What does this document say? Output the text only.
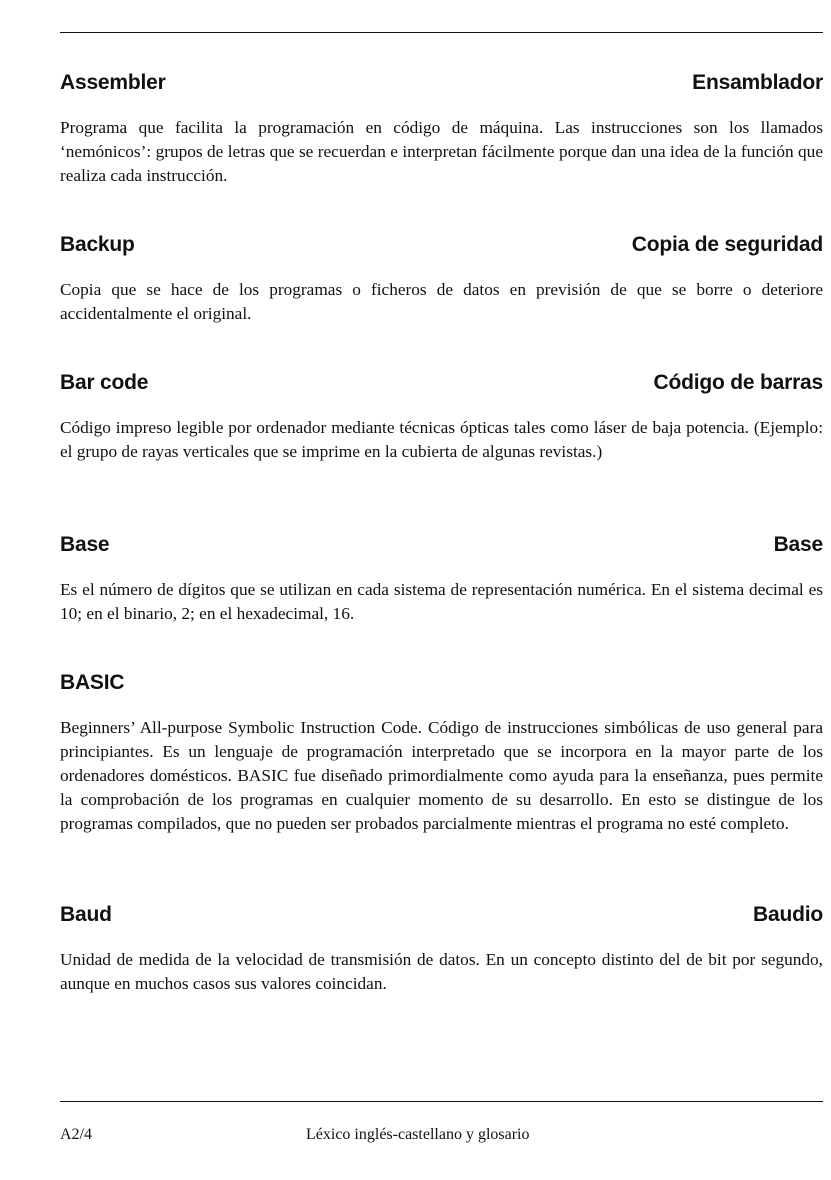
Assembler	Ensamblador
Programa que facilita la programación en código de máquina. Las instrucciones son los llamados ‘nemónicos’: grupos de letras que se recuerdan e interpretan fácilmente porque dan una idea de la función que realiza cada instrucción.
Backup	Copia de seguridad
Copia que se hace de los programas o ficheros de datos en previsión de que se borre o deteriore accidentalmente el original.
Bar code	Código de barras
Código impreso legible por ordenador mediante técnicas ópticas tales como láser de baja potencia. (Ejemplo: el grupo de rayas verticales que se imprime en la cubierta de algunas revistas.)
Base	Base
Es el número de dígitos que se utilizan en cada sistema de representación numérica. En el sistema decimal es 10; en el binario, 2; en el hexadecimal, 16.
BASIC
Beginners’ All-purpose Symbolic Instruction Code. Código de instrucciones simbólicas de uso general para principiantes. Es un lenguaje de programación interpretado que se incorpora en la mayor parte de los ordenadores domésticos. BASIC fue diseñado primordialmente como ayuda para la enseñanza, pues permite la comprobación de los programas en cualquier momento de su desarrollo. En esto se distingue de los programas compilados, que no pueden ser probados parcialmente mientras el programa no esté completo.
Baud	Baudio
Unidad de medida de la velocidad de transmisión de datos. En un concepto distinto del de bit por segundo, aunque en muchos casos sus valores coincidan.
A2/4	Léxico inglés-castellano y glosario
